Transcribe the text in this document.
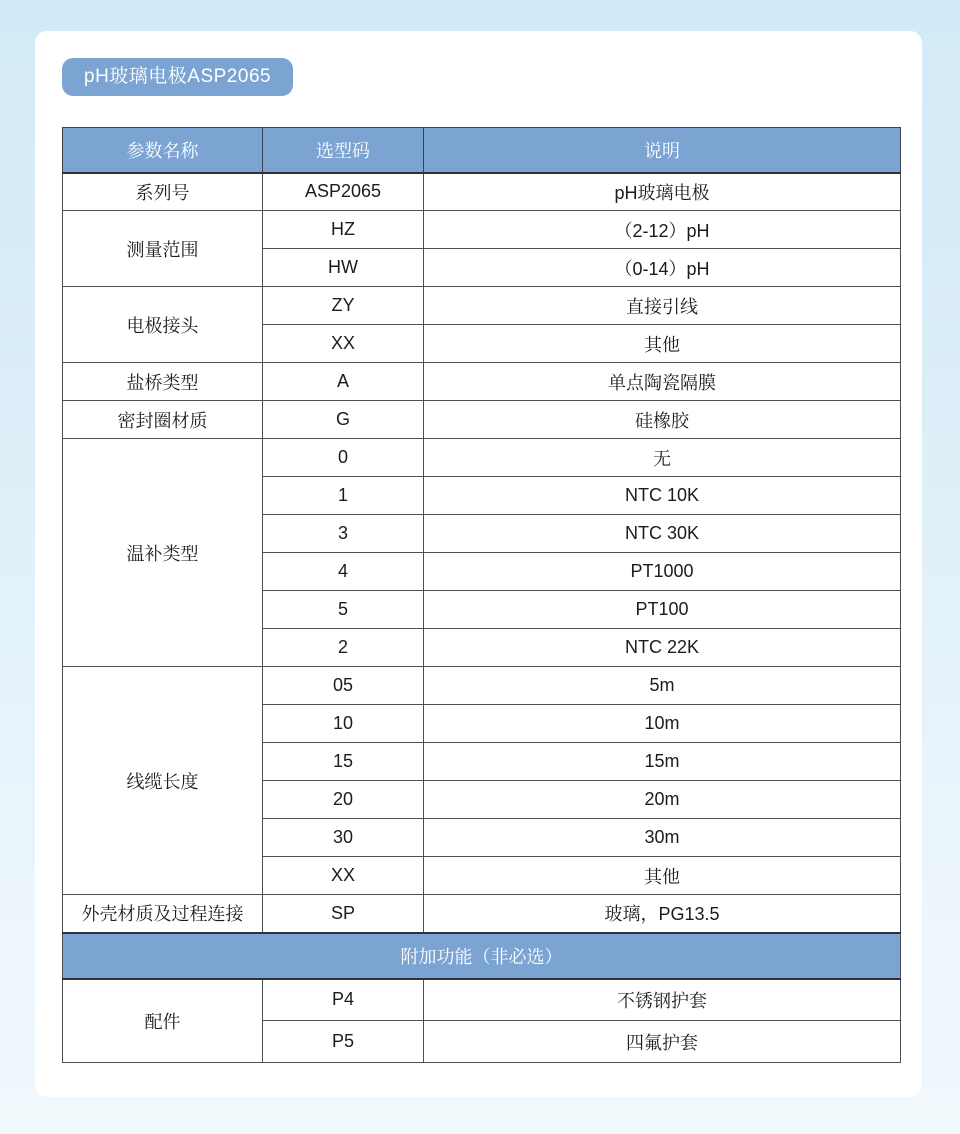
pH玻璃电极ASP2065
参数名称	选型码	说明
系列号	ASP2065	pH玻璃电极
测量范围	HZ	（2-12）pH
	HW	（0-14）pH
电极接头	ZY	直接引线
	XX	其他
盐桥类型	A	单点陶瓷隔膜
密封圈材质	G	硅橡胶
温补类型	0	无
	1	NTC 10K
	3	NTC 30K
	4	PT1000
	5	PT100
	2	NTC 22K
线缆长度	05	5m
	10	10m
	15	15m
	20	20m
	30	30m
	XX	其他
外壳材质及过程连接	SP	玻璃，PG13.5
附加功能（非必选）		
配件	P4	不锈钢护套
	P5	四氟护套
